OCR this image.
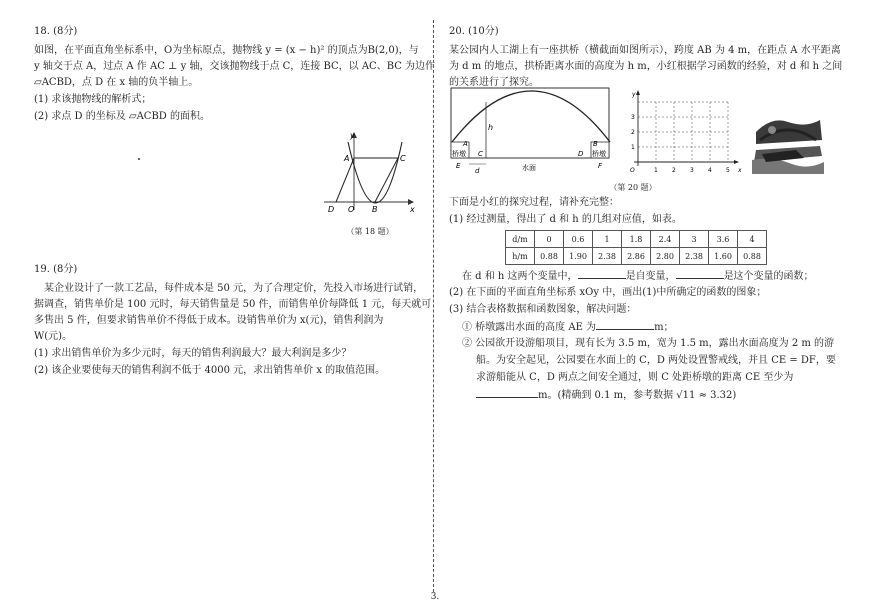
18. (8分)

如图，在平面直角坐标系中，O为坐标原点，抛物线 y = (x − h)² 的顶点为B(2,0)，与

y 轴交于点 A，过点 A 作 AC ⊥ y 轴，交该抛物线于点 C，连接 BC，以 AC、BC 为边作

▱ACBD，点 D 在 x 轴的负半轴上。

(1) 求该抛物线的解析式；

(2) 求点 D 的坐标及 ▱ACBD 的面积。

y
A	C
D O B	x
（第 18 题）
19. (8分)

某企业设计了一款工艺品，每件成本是 50 元，为了合理定价，先投入市场进行试销，

据调查，销售单价是 100 元时，每天销售量是 50 件，而销售单价每降低 1 元，每天就可

多售出 5 件，但要求销售单价不得低于成本。设销售单价为 x(元)，销售利润为

W(元)。

(1) 求出销售单价为多少元时，每天的销售利润最大？最大利润是多少？

(2) 该企业要使每天的销售利润不低于 4000 元，求出销售单价 x 的取值范围。

20. (10分)

某公园内人工湖上有一座拱桥（横截面如图所示），跨度 AB 为 4 m，在距点 A 水平距离

为 d m 的地点，拱桥距离水面的高度为 h m，小红根据学习函数的经验，对 d 和 h 之间

的关系进行了探究。

桥墩	桥墩
水面
h
d
A	B
C	D
E	F
y
x
O	1 2 3 4 5
1
2
3
（第 20 题）

下面是小红的探究过程，请补充完整：

(1) 经过测量，得出了 d 和 h 的几组对应值，如表。

d/m	0	0.6	1	1.8	2.4	3	3.6	4
h/m	0.88	1.90	2.38	2.86	2.80	2.38	1.60	0.88

在 d 和 h 这两个变量中，	是自变量，	是这个变量的函数；

(2) 在下面的平面直角坐标系 xOy 中，画出(1)中所确定的函数的图象；

(3) 结合表格数据和函数图象，解决问题：

① 桥墩露出水面的高度 AE 为	m；

② 公园欲开设游船项目，现有长为 3.5 m，宽为 1.5 m，露出水面高度为 2 m 的游

船。为安全起见，公园要在水面上的 C，D 两处设置警戒线，并且 CE = DF，要

求游船能从 C，D 两点之间安全通过，则 C 处距桥墩的距离 CE 至少为

m。(精确到 0.1 m，参考数据 √11 ≈ 3.32)

3.
